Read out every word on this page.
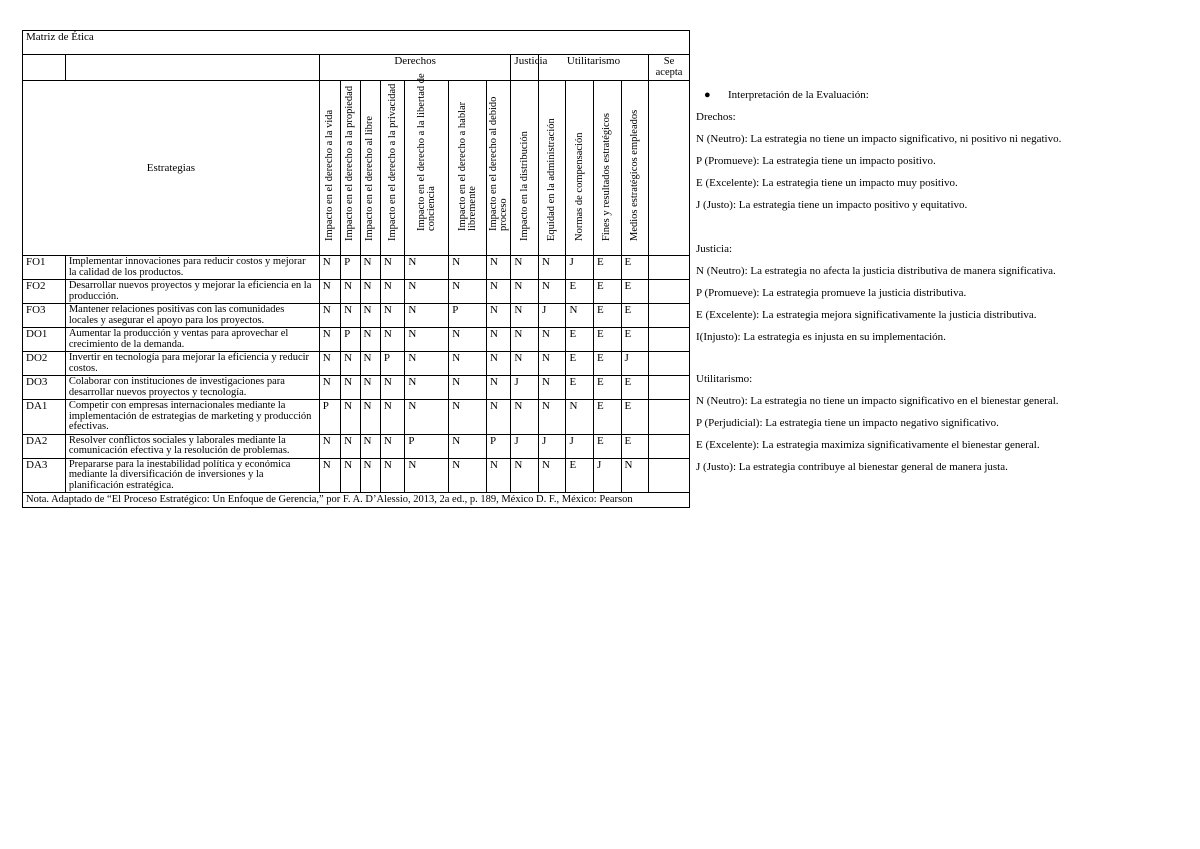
Matriz de Ética														
		Derechos							Justicia	Utilitarismo				Se acepta
Estrategias		Impacto en el derecho a la vida	Impacto en el derecho a la propiedad	Impacto en el derecho al libre	Impacto en el derecho a la privacidad	Impacto en el derecho a la libertad de conciencia	Impacto en el derecho a hablar libremente	Impacto en el derecho al debido proceso	Impacto en la distribución	Equidad en la administración	Normas de compensación	Fines y resultados estratégicos	Medios estratégicos empleados	

FO1	Implementar innovaciones para reducir costos y mejorar la calidad de los productos.	N	P	N	N	N	N	N	N	N	J	E	E	
FO2	Desarrollar nuevos proyectos y mejorar la eficiencia en la producción.	N	N	N	N	N	N	N	N	N	E	E	E	
FO3	Mantener relaciones positivas con las comunidades locales y asegurar el apoyo para los proyectos.	N	N	N	N	N	P	N	N	J	N	E	E	
DO1	Aumentar la producción y ventas para aprovechar el crecimiento de la demanda.	N	P	N	N	N	N	N	N	N	E	E	E	
DO2	Invertir en tecnología para mejorar la eficiencia y reducir costos.	N	N	N	P	N	N	N	N	N	E	E	J	
DO3	Colaborar con instituciones de investigaciones para desarrollar nuevos proyectos y tecnología.	N	N	N	N	N	N	N	J	N	E	E	E	
DA1	Competir con empresas internacionales mediante la implementación de estrategias de marketing y producción efectivas.	P	N	N	N	N	N	N	N	N	N	E	E	
DA2	Resolver conflictos sociales y laborales mediante la comunicación efectiva y la resolución de problemas.	N	N	N	N	P	N	P	J	J	J	E	E	
DA3	Prepararse para la inestabilidad política y económica mediante la diversificación de inversiones y la planificación estratégica.	N	N	N	N	N	N	N	N	N	E	J	N	
Nota. Adaptado de “El Proceso Estratégico: Un Enfoque de Gerencia,” por F. A. D’Alessio, 2013, 2a ed., p. 189, México D. F., México: Pearson														
● Interpretación de la Evaluación:
Drechos:
N (Neutro): La estrategia no tiene un impacto significativo, ni positivo ni negativo.
P (Promueve): La estrategia tiene un impacto positivo.
E (Excelente): La estrategia tiene un impacto muy positivo.
J (Justo): La estrategia tiene un impacto positivo y equitativo.
Justicia:
N (Neutro): La estrategia no afecta la justicia distributiva de manera significativa.
P (Promueve): La estrategia promueve la justicia distributiva.
E (Excelente): La estrategia mejora significativamente la justicia distributiva.
I(Injusto): La estrategia es injusta en su implementación.
Utilitarismo:
N (Neutro): La estrategia no tiene un impacto significativo en el bienestar general.
P (Perjudicial): La estrategia tiene un impacto negativo significativo.
E (Excelente): La estrategia maximiza significativamente el bienestar general.
J (Justo): La estrategia contribuye al bienestar general de manera justa.
